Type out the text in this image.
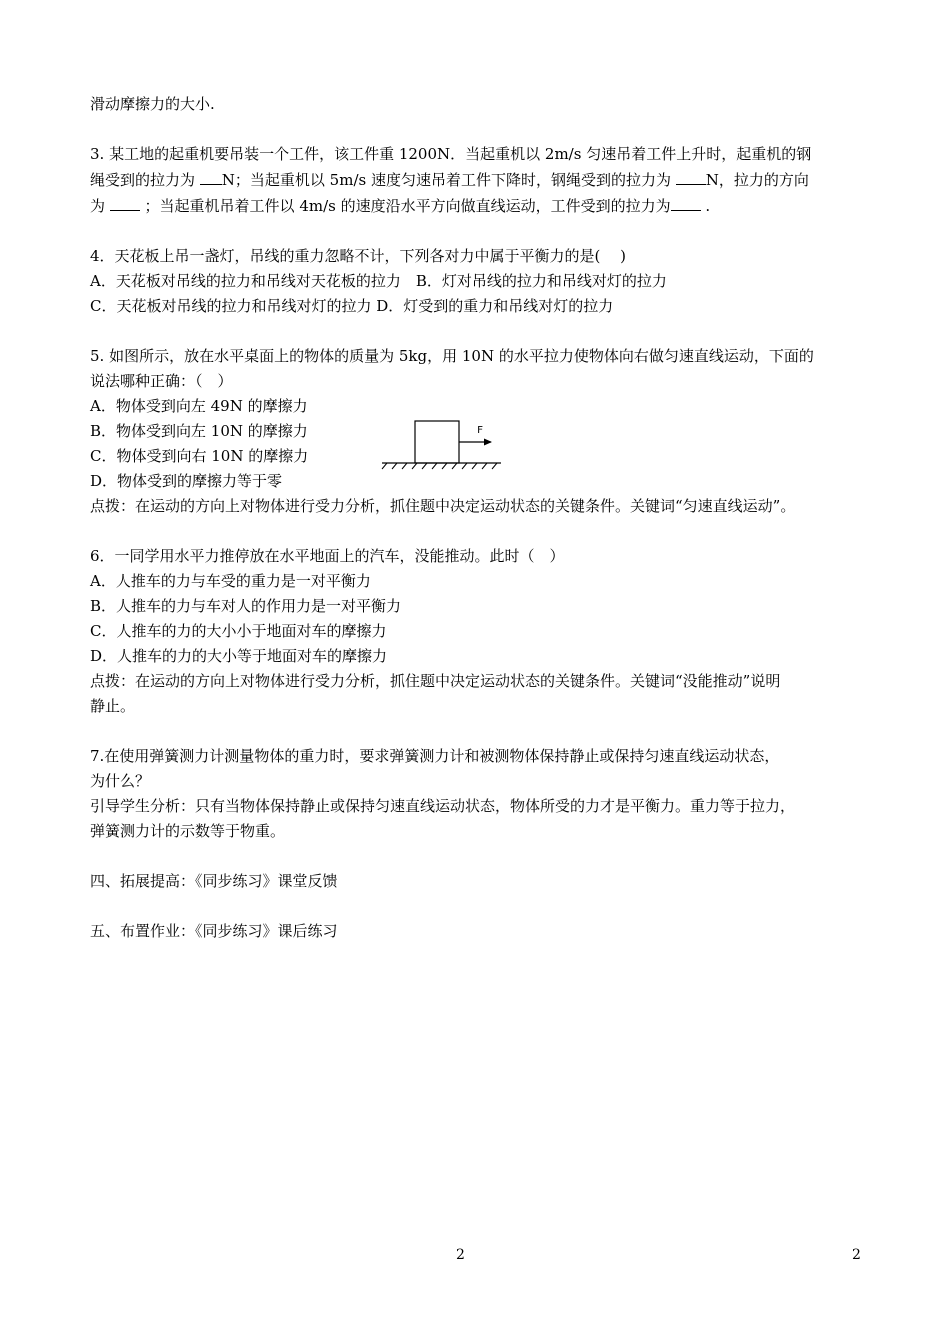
滑动摩擦力的大小.
3. 某工地的起重机要吊装一个工件，该工件重 1200N．当起重机以 2m/s 匀速吊着工件上升时，起重机的钢
绳受到的拉力为 N；当起重机以 5m/s 速度匀速吊着工件下降时，钢绳受到的拉力为 N，拉力的方向
为  ；当起重机吊着工件以 4m/s 的速度沿水平方向做直线运动，工件受到的拉力为 .
4．天花板上吊一盏灯，吊线的重力忽略不计，下列各对力中属于平衡力的是(　 )
A．天花板对吊线的拉力和吊线对天花板的拉力　B．灯对吊线的拉力和吊线对灯的拉力
C．天花板对吊线的拉力和吊线对灯的拉力 D．灯受到的重力和吊线对灯的拉力
5. 如图所示，放在水平桌面上的物体的质量为 5kg，用 10N 的水平拉力使物体向右做匀速直线运动，下面的
说法哪种正确：（　）
A．物体受到向左 49N 的摩擦力
B．物体受到向左 10N 的摩擦力
C．物体受到向右 10N 的摩擦力
D．物体受到的摩擦力等于零
点拨：在运动的方向上对物体进行受力分析，抓住题中决定运动状态的关键条件。关键词“匀速直线运动”。
6．一同学用水平力推停放在水平地面上的汽车，没能推动。此时（　）
A．人推车的力与车受的重力是一对平衡力
B．人推车的力与车对人的作用力是一对平衡力
C．人推车的力的大小小于地面对车的摩擦力
D．人推车的力的大小等于地面对车的摩擦力
点拨：在运动的方向上对物体进行受力分析，抓住题中决定运动状态的关键条件。关键词“没能推动”说明
静止。
7.在使用弹簧测力计测量物体的重力时，要求弹簧测力计和被测物体保持静止或保持匀速直线运动状态，
为什么？
引导学生分析：只有当物体保持静止或保持匀速直线运动状态，物体所受的力才是平衡力。重力等于拉力，
弹簧测力计的示数等于物重。
四、拓展提高：《同步练习》课堂反馈
五、布置作业：《同步练习》课后练习
F
2	2
